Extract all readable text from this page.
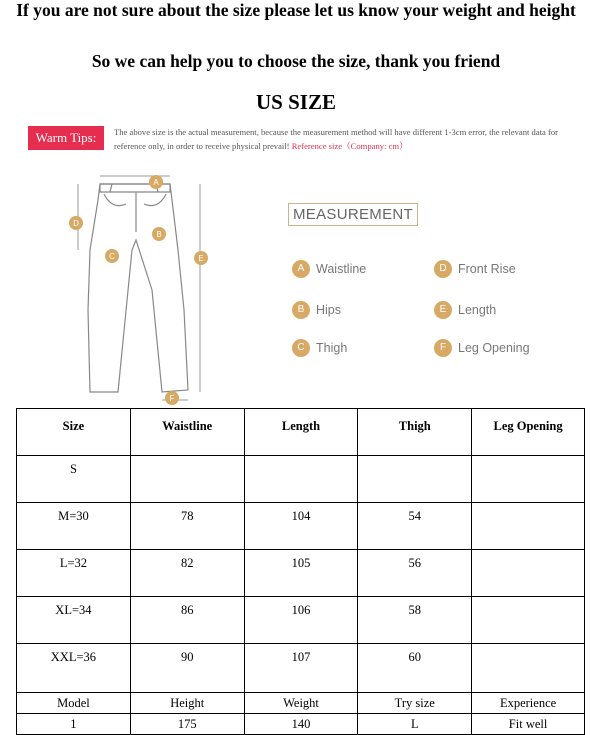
If you are not sure about the size please let us know your weight and height
So we can help you to choose the size, thank you friend
US SIZE
Warm Tips:	The above size is the actual measurement, because the measurement method will have different 1-3cm error, the relevant data for reference only, in order to receive physical prevail! Reference size（Company: cm）
A
B
C
D
E
F
MEASUREMENT
A Waistline
B Hips
C Thigh
D Front Rise
E Length
F Leg Opening
Size	Waistline	Length	Thigh	Leg Opening
S				
M=30	78	104	54	
L=32	82	105	56	
XL=34	86	106	58	
XXL=36	90	107	60	
Model	Height	Weight	Try size	Experience
1	175	140	L	Fit well
